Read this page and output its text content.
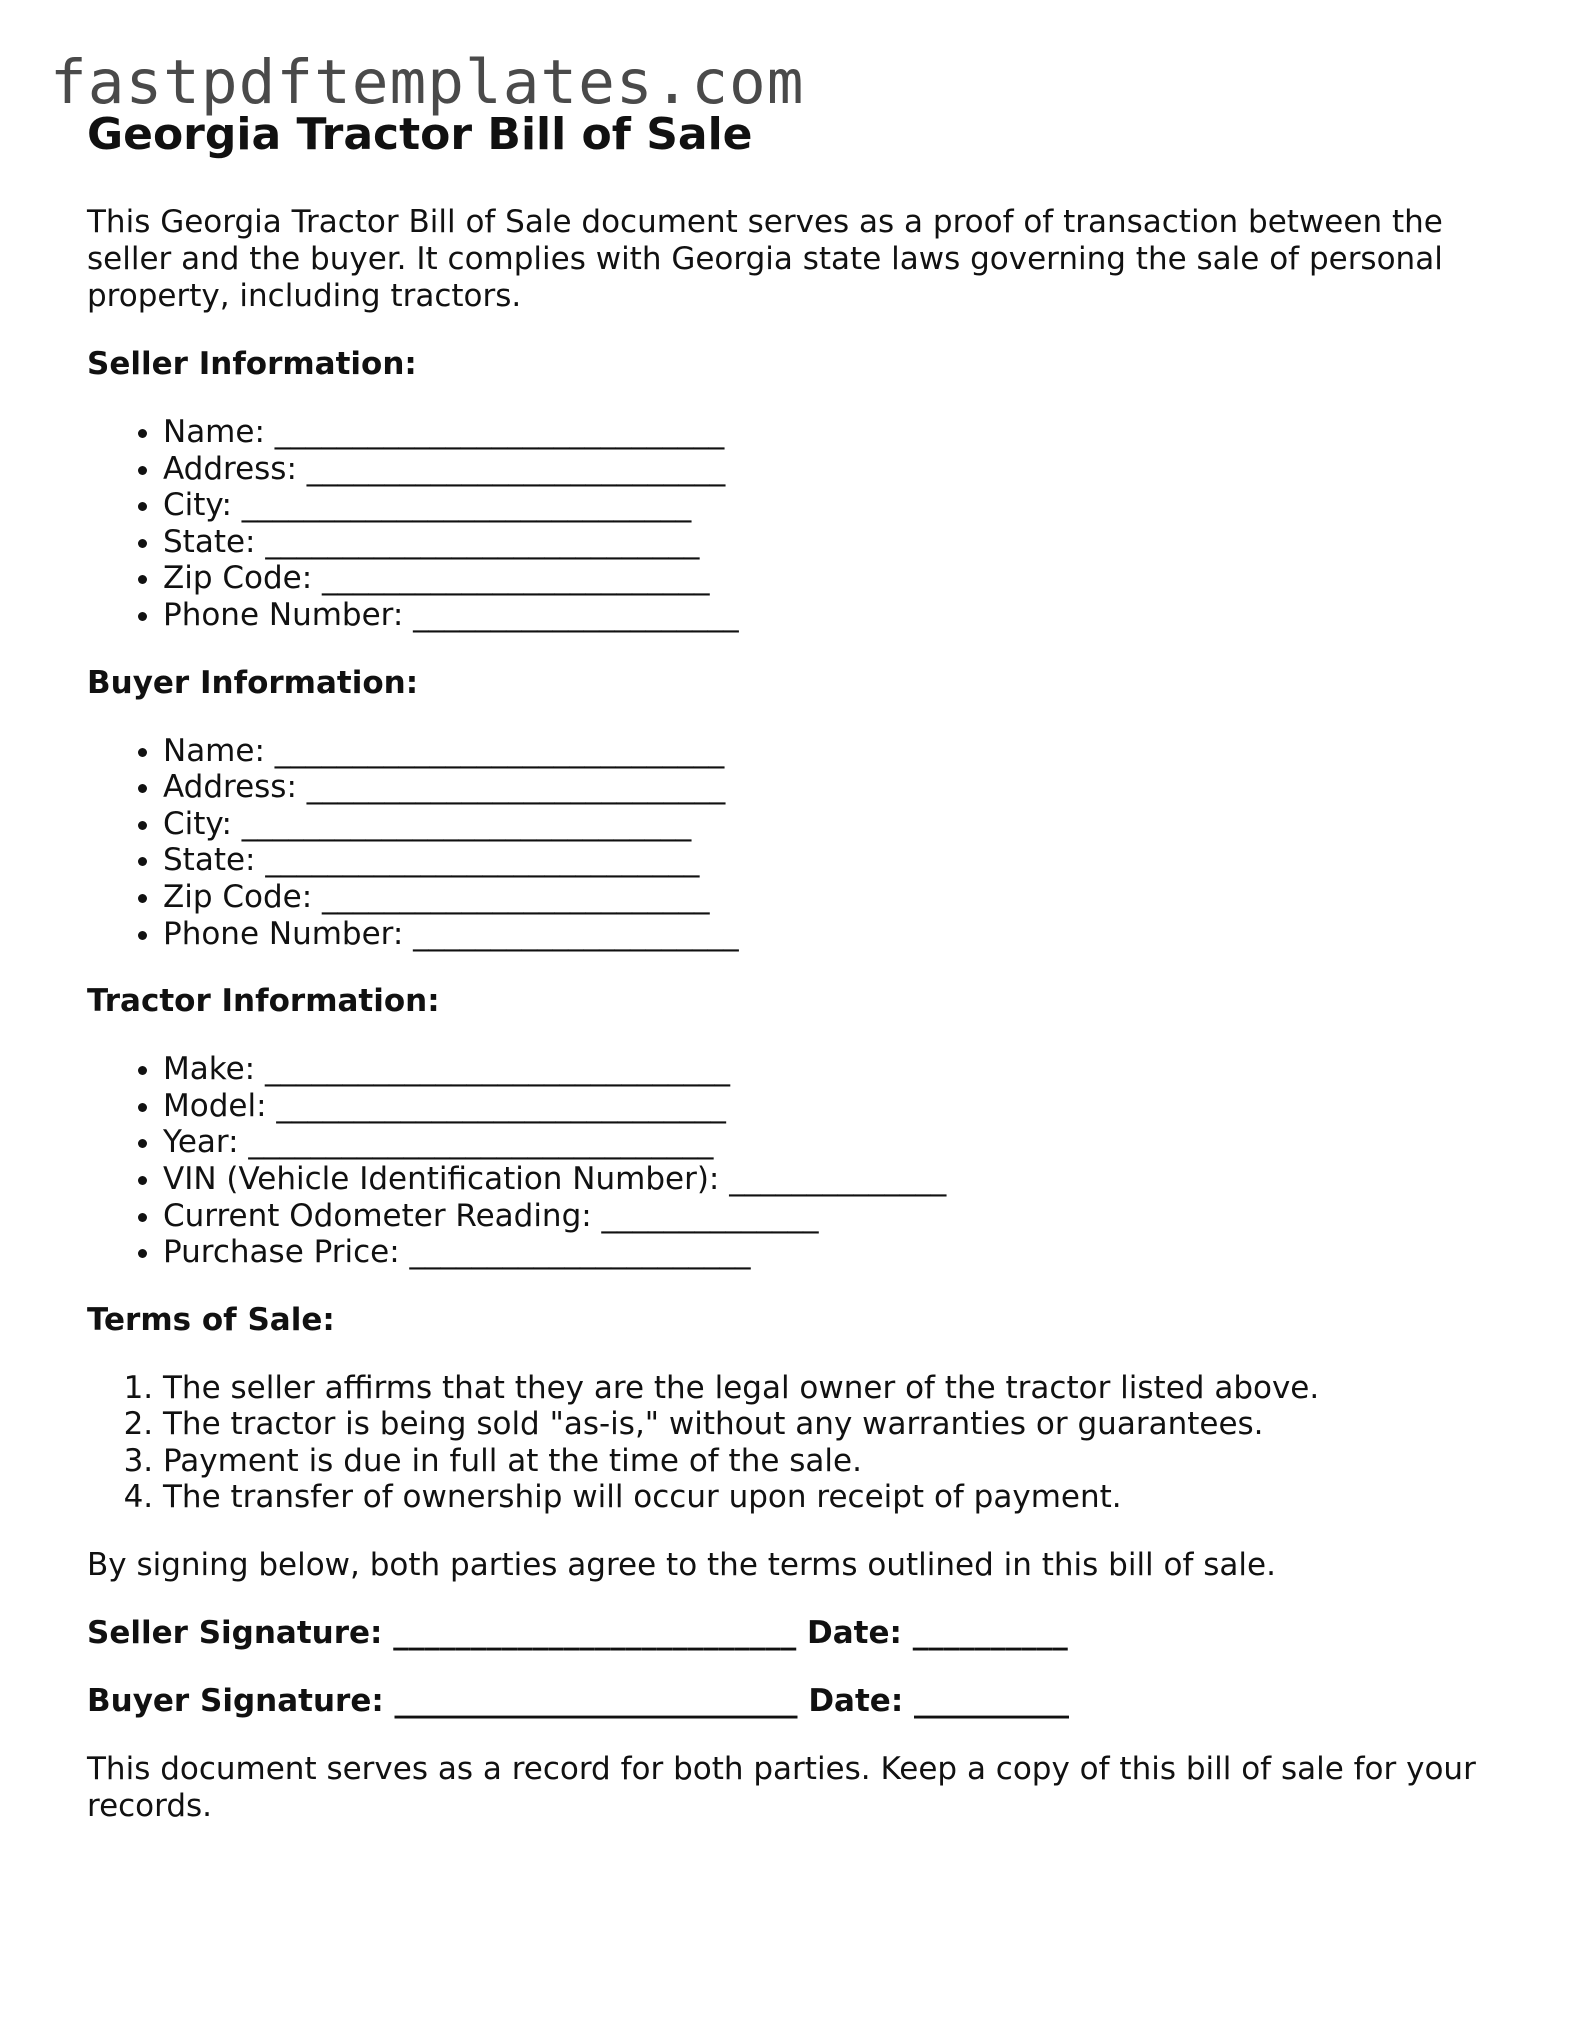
fastpdftemplates.com
Georgia Tractor Bill of Sale

This Georgia Tractor Bill of Sale document serves as a proof of transaction between the seller and the buyer. It complies with Georgia state laws governing the sale of personal property, including tractors.

Seller Information:
• Name: _____________________________
• Address: ___________________________
• City: _____________________________
• State: ____________________________
• Zip Code: _________________________
• Phone Number: _____________________
Buyer Information:
• Name: _____________________________
• Address: ___________________________
• City: _____________________________
• State: ____________________________
• Zip Code: _________________________
• Phone Number: _____________________
Tractor Information:
• Make: ______________________________
• Model: _____________________________
• Year: ______________________________
• VIN (Vehicle Identification Number): ______________
• Current Odometer Reading: ______________
• Purchase Price: ______________________
Terms of Sale:
1. The seller affirms that they are the legal owner of the tractor listed above.
2. The tractor is being sold "as-is," without any warranties or guarantees.
3. Payment is due in full at the time of the sale.
4. The transfer of ownership will occur upon receipt of payment.

By signing below, both parties agree to the terms outlined in this bill of sale.

Seller Signature: __________________________ Date: __________

Buyer Signature: __________________________ Date: __________

This document serves as a record for both parties. Keep a copy of this bill of sale for your records.
